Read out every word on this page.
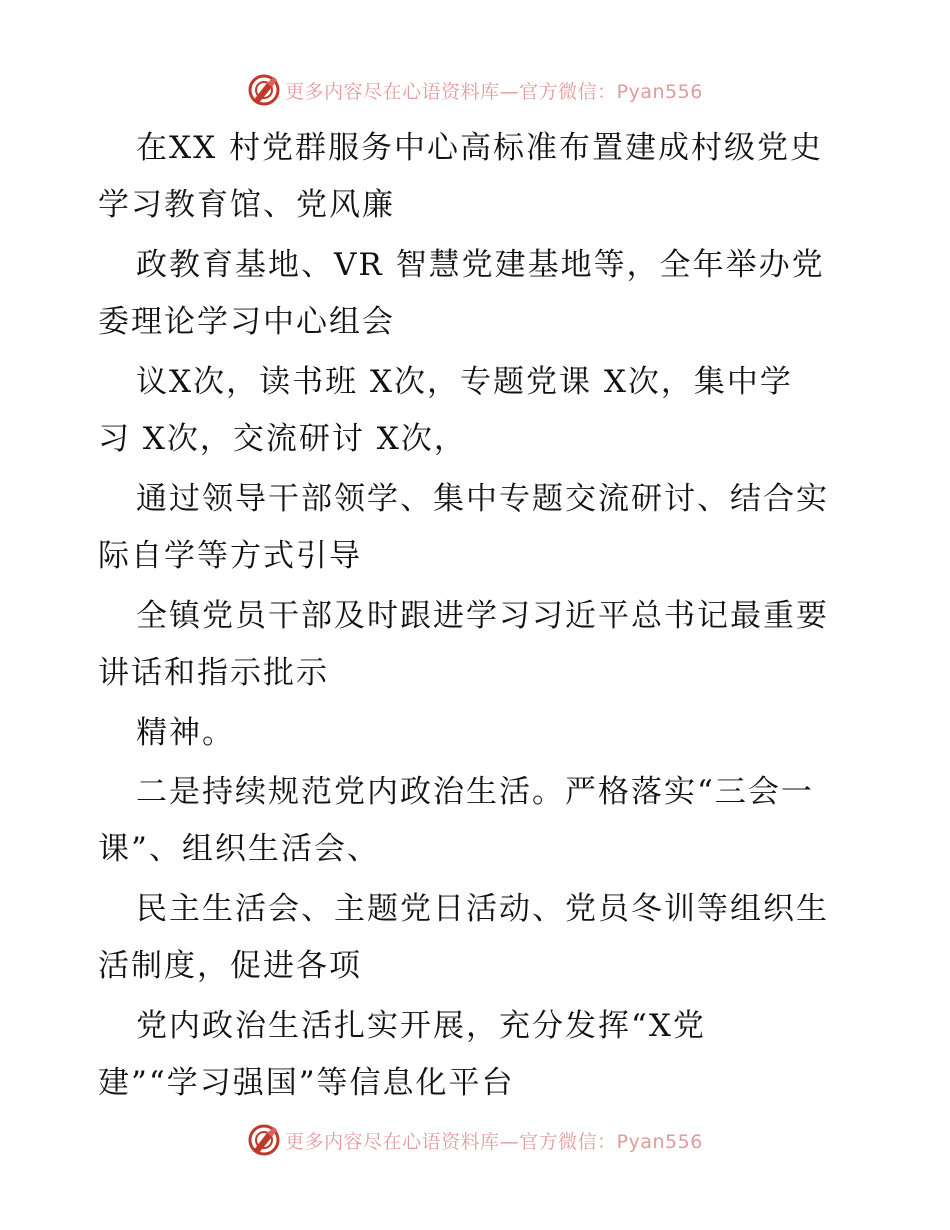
更多内容尽在心语资料库—官方微信：Pyan556
在XX 村党群服务中心高标准布置建成村级党史
学习教育馆、党风廉
政教育基地、VR 智慧党建基地等，全年举办党
委理论学习中心组会
议X次，读书班 X次，专题党课 X次，集中学
习 X次，交流研讨 X次，
通过领导干部领学、集中专题交流研讨、结合实
际自学等方式引导
全镇党员干部及时跟进学习习近平总书记最重要
讲话和指示批示
精神。
二是持续规范党内政治生活。严格落实“三会一
课”、组织生活会、
民主生活会、主题党日活动、党员冬训等组织生
活制度，促进各项
党内政治生活扎实开展，充分发挥“X党
建”“学习强国”等信息化平台
更多内容尽在心语资料库—官方微信：Pyan556
